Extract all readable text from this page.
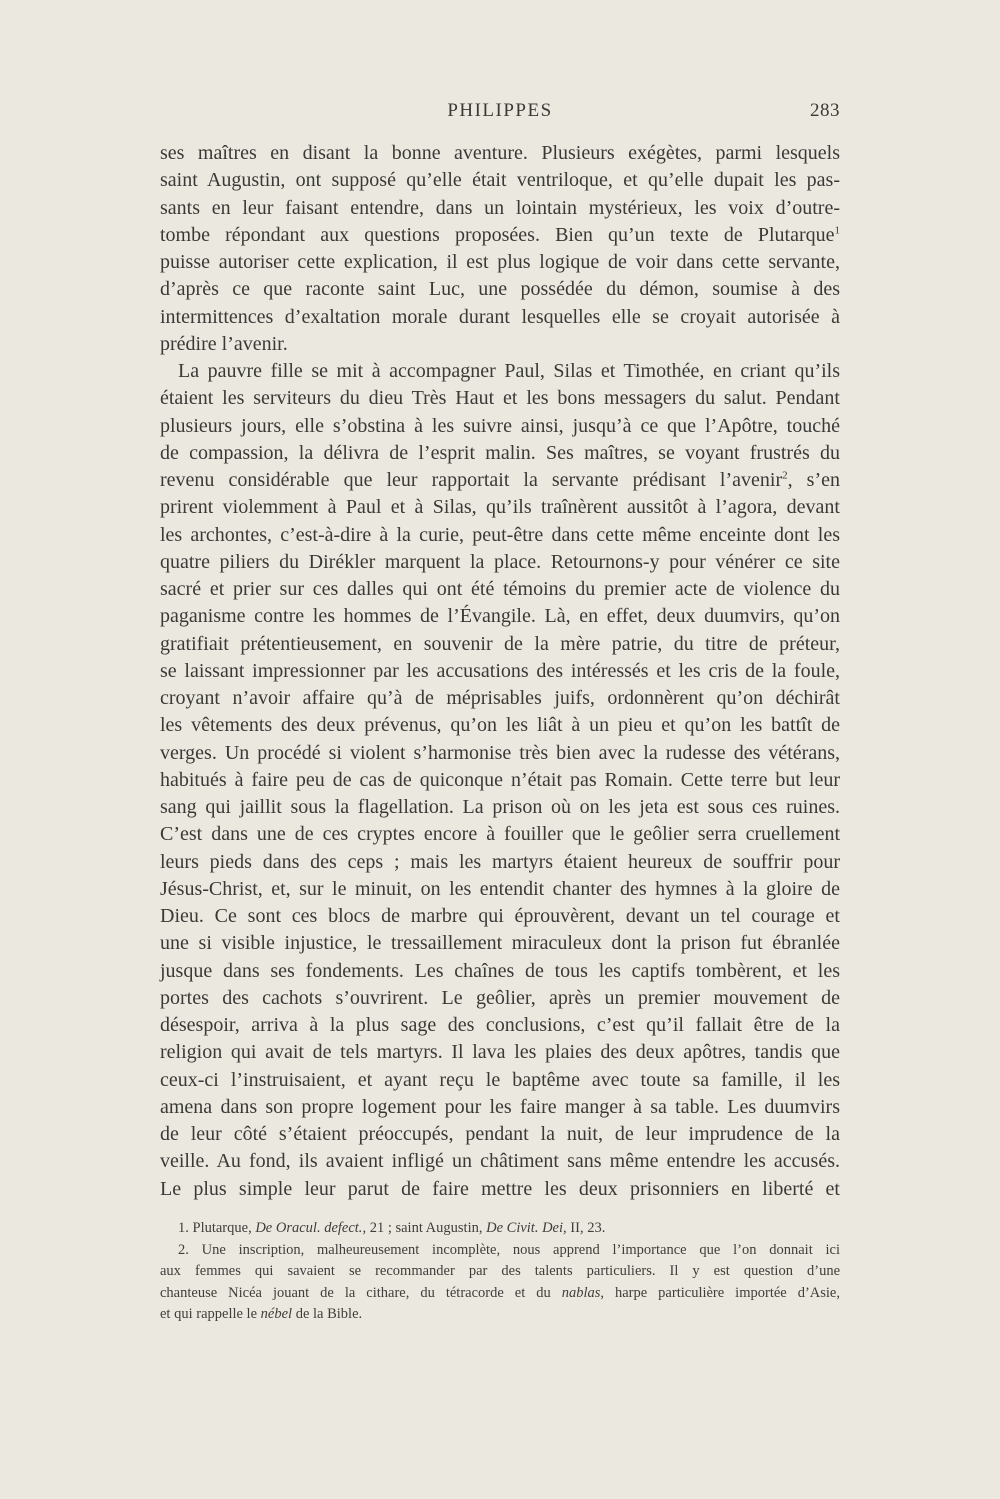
PHILIPPES	283
ses maîtres en disant la bonne aventure. Plusieurs exégètes, parmi lesquels
saint Augustin, ont supposé qu’elle était ventriloque, et qu’elle dupait les pas-
sants en leur faisant entendre, dans un lointain mystérieux, les voix d’outre-
tombe répondant aux questions proposées. Bien qu’un texte de Plutarque$^1$
puisse autoriser cette explication, il est plus logique de voir dans cette servante,
d’après ce que raconte saint Luc, une possédée du démon, soumise à des
intermittences d’exaltation morale durant lesquelles elle se croyait autorisée à
prédire l’avenir.
La pauvre fille se mit à accompagner Paul, Silas et Timothée, en criant qu’ils
étaient les serviteurs du dieu Très Haut et les bons messagers du salut. Pendant
plusieurs jours, elle s’obstina à les suivre ainsi, jusqu’à ce que l’Apôtre, touché
de compassion, la délivra de l’esprit malin. Ses maîtres, se voyant frustrés du
revenu considérable que leur rapportait la servante prédisant l’avenir$^2$, s’en
prirent violemment à Paul et à Silas, qu’ils traînèrent aussitôt à l’agora, devant
les archontes, c’est-à-dire à la curie, peut-être dans cette même enceinte dont les
quatre piliers du Dirékler marquent la place. Retournons-y pour vénérer ce site
sacré et prier sur ces dalles qui ont été témoins du premier acte de violence du
paganisme contre les hommes de l’Évangile. Là, en effet, deux duumvirs, qu’on
gratifiait prétentieusement, en souvenir de la mère patrie, du titre de préteur,
se laissant impressionner par les accusations des intéressés et les cris de la foule,
croyant n’avoir affaire qu’à de méprisables juifs, ordonnèrent qu’on déchirât
les vêtements des deux prévenus, qu’on les liât à un pieu et qu’on les battît de
verges. Un procédé si violent s’harmonise très bien avec la rudesse des vétérans,
habitués à faire peu de cas de quiconque n’était pas Romain. Cette terre but leur
sang qui jaillit sous la flagellation. La prison où on les jeta est sous ces ruines.
C’est dans une de ces cryptes encore à fouiller que le geôlier serra cruellement
leurs pieds dans des ceps ; mais les martyrs étaient heureux de souffrir pour
Jésus-Christ, et, sur le minuit, on les entendit chanter des hymnes à la gloire de
Dieu. Ce sont ces blocs de marbre qui éprouvèrent, devant un tel courage et
une si visible injustice, le tressaillement miraculeux dont la prison fut ébranlée
jusque dans ses fondements. Les chaînes de tous les captifs tombèrent, et les
portes des cachots s’ouvrirent. Le geôlier, après un premier mouvement de
désespoir, arriva à la plus sage des conclusions, c’est qu’il fallait être de la
religion qui avait de tels martyrs. Il lava les plaies des deux apôtres, tandis que
ceux-ci l’instruisaient, et ayant reçu le baptême avec toute sa famille, il les
amena dans son propre logement pour les faire manger à sa table. Les duumvirs
de leur côté s’étaient préoccupés, pendant la nuit, de leur imprudence de la
veille. Au fond, ils avaient infligé un châtiment sans même entendre les accusés.
Le plus simple leur parut de faire mettre les deux prisonniers en liberté et
1. Plutarque, De Oracul. defect., 21 ; saint Augustin, De Civit. Dei, II, 23.
2. Une inscription, malheureusement incomplète, nous apprend l’importance que l’on donnait ici
aux femmes qui savaient se recommander par des talents particuliers. Il y est question d’une
chanteuse Nicéa jouant de la cithare, du tétracorde et du nablas, harpe particulière importée d’Asie,
et qui rappelle le nébel de la Bible.
